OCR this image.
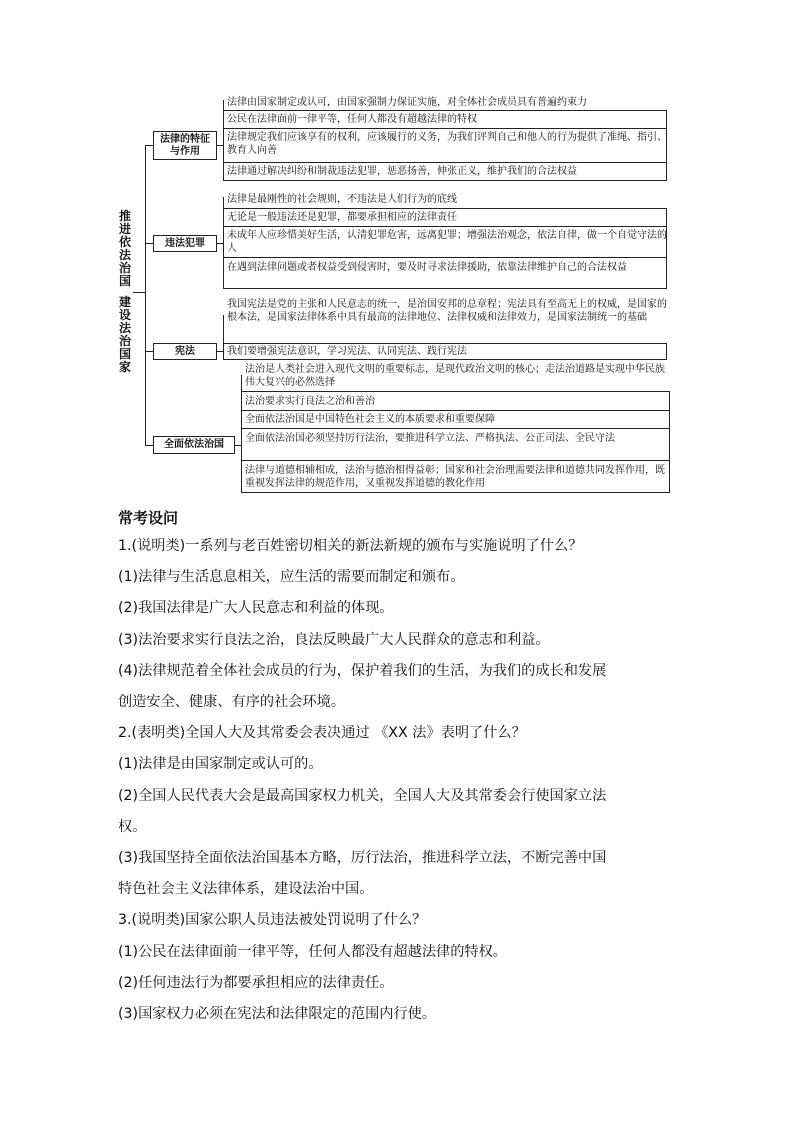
推
进
依
法
治
国
建
设
法
治
国
家
法律的特征
与作用
违法犯罪
宪法
全面依法治国
法律由国家制定或认可，由国家强制力保证实施，对全体社会成员具有普遍约束力
公民在法律面前一律平等，任何人都没有超越法律的特权
法律规定我们应该享有的权利，应该履行的义务，为我们评判自己和他人的行为提供了准绳、指引、教育人向善
法律通过解决纠纷和制裁违法犯罪，惩恶扬善，伸张正义，维护我们的合法权益
法律是最刚性的社会规则，不违法是人们行为的底线
无论是一般违法还是犯罪，都要承担相应的法律责任
未成年人应珍惜美好生活，认清犯罪危害，远离犯罪；增强法治观念，依法自律，做一个自觉守法的人
在遇到法律问题或者权益受到侵害时，要及时寻求法律援助，依靠法律维护自己的合法权益
我国宪法是党的主张和人民意志的统一，是治国安邦的总章程；宪法具有至高无上的权威，是国家的根本法，是国家法律体系中具有最高的法律地位、法律权威和法律效力，是国家法制统一的基础
我们要增强宪法意识，学习宪法、认同宪法、践行宪法
法治是人类社会进入现代文明的重要标志，是现代政治文明的核心；走法治道路是实现中华民族伟大复兴的必然选择
法治要求实行良法之治和善治
全面依法治国是中国特色社会主义的本质要求和重要保障
全面依法治国必须坚持厉行法治，要推进科学立法、严格执法、公正司法、全民守法
法律与道德相辅相成，法治与德治相得益彰；国家和社会治理需要法律和道德共同发挥作用，既重视发挥法律的规范作用，又重视发挥道德的教化作用
常考设问

1.(说明类)一系列与老百姓密切相关的新法新规的颁布与实施说明了什么？

(1)法律与生活息息相关，应生活的需要而制定和颁布。

(2)我国法律是广大人民意志和利益的体现。

(3)法治要求实行良法之治，良法反映最广大人民群众的意志和利益。

(4)法律规范着全体社会成员的行为，保护着我们的生活，为我们的成长和发展

创造安全、健康、有序的社会环境。

2.(表明类)全国人大及其常委会表决通过 《XX 法》表明了什么？

(1)法律是由国家制定或认可的。

(2)全国人民代表大会是最高国家权力机关，全国人大及其常委会行使国家立法

权。

(3)我国坚持全面依法治国基本方略，厉行法治，推进科学立法，不断完善中国

特色社会主义法律体系，建设法治中国。

3.(说明类)国家公职人员违法被处罚说明了什么？

(1)公民在法律面前一律平等，任何人都没有超越法律的特权。

(2)任何违法行为都要承担相应的法律责任。

(3)国家权力必须在宪法和法律限定的范围内行使。
